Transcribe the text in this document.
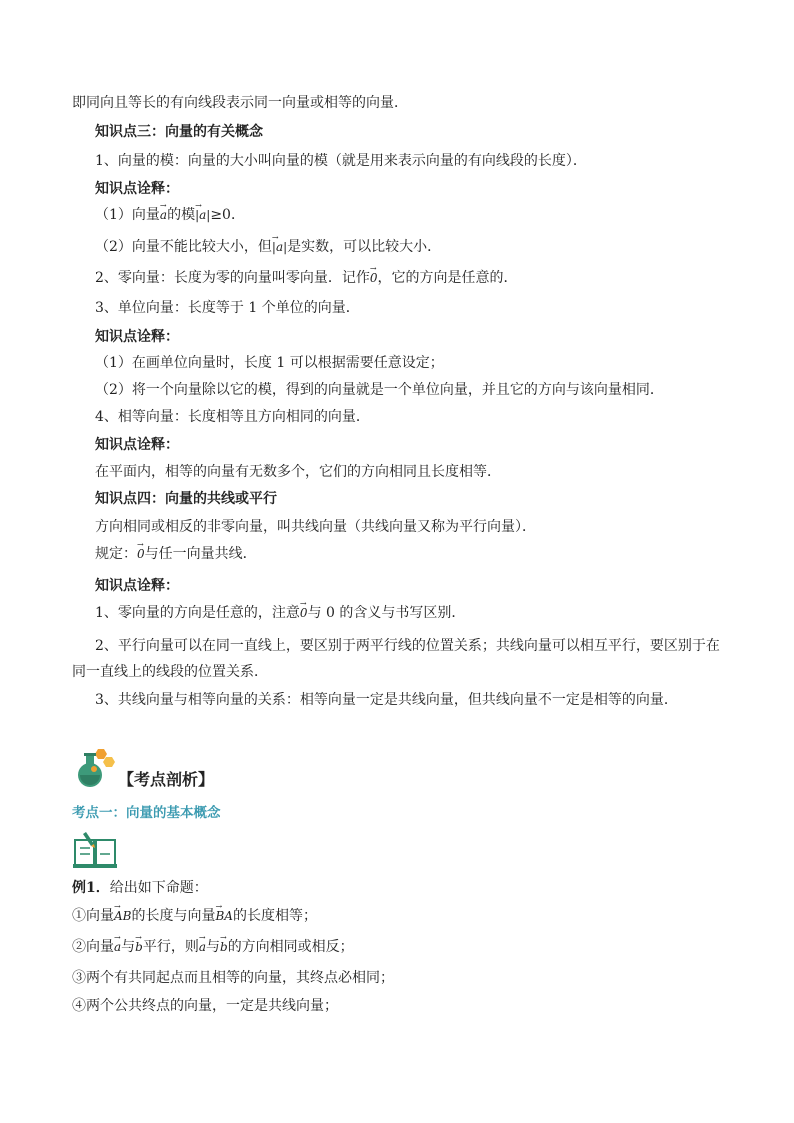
即同向且等长的有向线段表示同一向量或相等的向量．
知识点三：向量的有关概念
1、向量的模：向量的大小叫向量的模（就是用来表示向量的有向线段的长度）．
知识点诠释：
（1）向量→ a的模→ |a|≥0．
（2）向量不能比较大小，但→ |a|是实数，可以比较大小．
2、零向量：长度为零的向量叫零向量．记作→ 0，它的方向是任意的．
3、单位向量：长度等于 1 个单位的向量．
知识点诠释：
（1）在画单位向量时，长度 1 可以根据需要任意设定；
（2）将一个向量除以它的模，得到的向量就是一个单位向量，并且它的方向与该向量相同．
4、相等向量：长度相等且方向相同的向量．
知识点诠释：
在平面内，相等的向量有无数多个，它们的方向相同且长度相等．
知识点四：向量的共线或平行
方向相同或相反的非零向量，叫共线向量（共线向量又称为平行向量）．
规定：→ 0与任一向量共线．
知识点诠释：
1、零向量的方向是任意的，注意→ 0与 0 的含义与书写区别．
2、平行向量可以在同一直线上，要区别于两平行线的位置关系；共线向量可以相互平行，要区别于在
同一直线上的线段的位置关系．
3、共线向量与相等向量的关系：相等向量一定是共线向量，但共线向量不一定是相等的向量．
【考点剖析】
考点一：向量的基本概念
例1．给出如下命题：
①向量→ AB的长度与向量→ BA的长度相等；
②向量→ a与→ b平行，则→ a与→ b的方向相同或相反；
③两个有共同起点而且相等的向量，其终点必相同；
④两个公共终点的向量，一定是共线向量；
